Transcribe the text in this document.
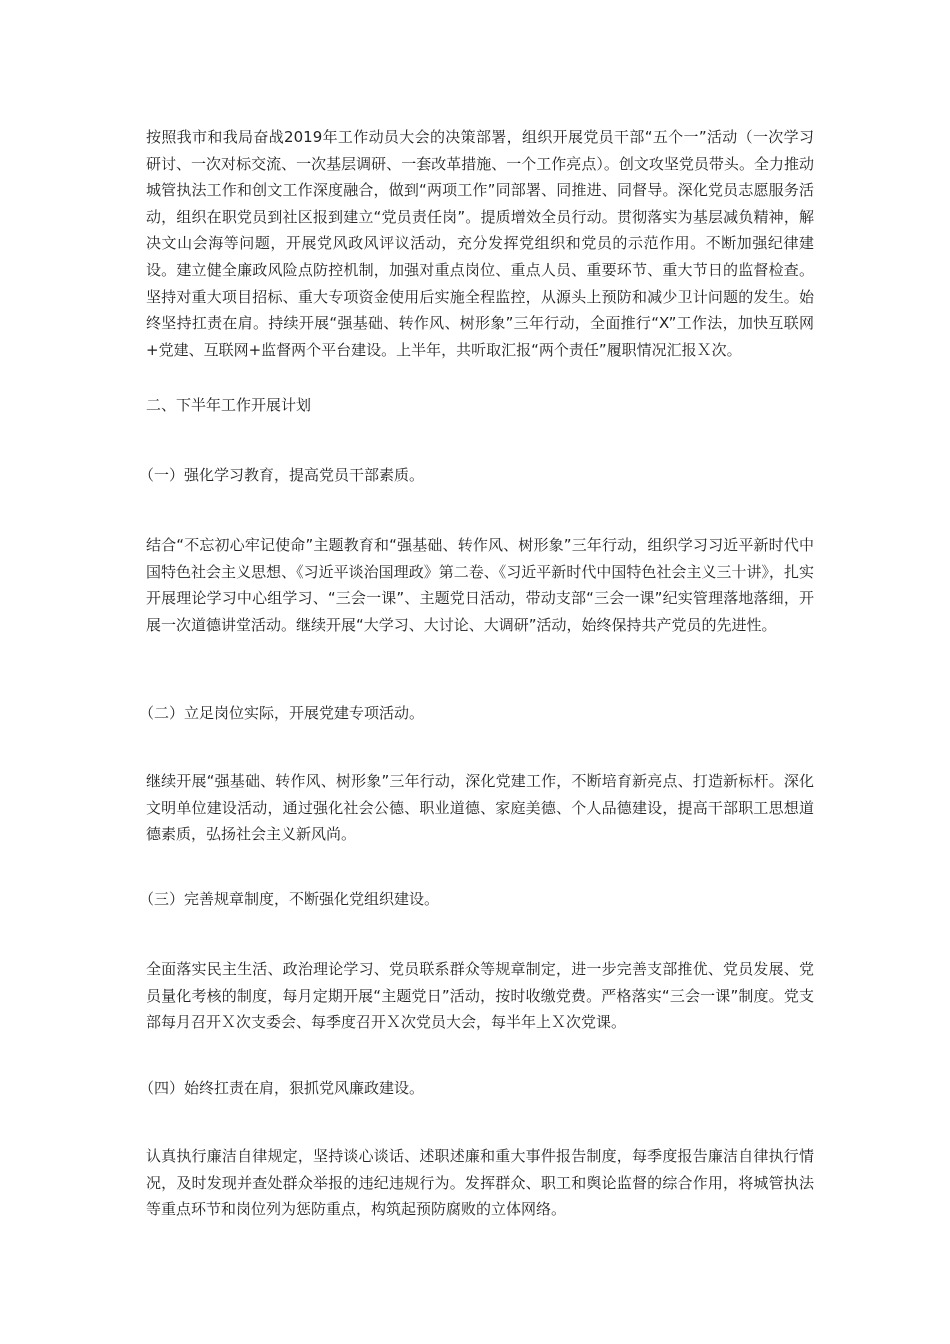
按照我市和我局奋战2019年工作动员大会的决策部署，组织开展党员干部“五个一”活动（一次学习研讨、一次对标交流、一次基层调研、一套改革措施、一个工作亮点）。创文攻坚党员带头。全力推动城管执法工作和创文工作深度融合，做到“两项工作”同部署、同推进、同督导。深化党员志愿服务活动，组织在职党员到社区报到建立“党员责任岗”。提质增效全员行动。贯彻落实为基层减负精神，解决文山会海等问题，开展党风政风评议活动，充分发挥党组织和党员的示范作用。不断加强纪律建设。建立健全廉政风险点防控机制，加强对重点岗位、重点人员、重要环节、重大节日的监督检查。坚持对重大项目招标、重大专项资金使用后实施全程监控，从源头上预防和减少卫计问题的发生。始终坚持扛责在肩。持续开展“强基础、转作风、树形象”三年行动，全面推行“X”工作法，加快互联网+党建、互联网+监督两个平台建设。上半年，共听取汇报“两个责任”履职情况汇报Ｘ次。

二、下半年工作开展计划

（一）强化学习教育，提高党员干部素质。

结合“不忘初心牢记使命”主题教育和“强基础、转作风、树形象”三年行动，组织学习习近平新时代中国特色社会主义思想、《习近平谈治国理政》第二卷、《习近平新时代中国特色社会主义三十讲》，扎实开展理论学习中心组学习、“三会一课”、主题党日活动，带动支部“三会一课”纪实管理落地落细，开展一次道德讲堂活动。继续开展“大学习、大讨论、大调研”活动，始终保持共产党员的先进性。

（二）立足岗位实际，开展党建专项活动。

继续开展“强基础、转作风、树形象”三年行动，深化党建工作，不断培育新亮点、打造新标杆。深化文明单位建设活动，通过强化社会公德、职业道德、家庭美德、个人品德建设，提高干部职工思想道德素质，弘扬社会主义新风尚。

（三）完善规章制度，不断强化党组织建设。

全面落实民主生活、政治理论学习、党员联系群众等规章制定，进一步完善支部推优、党员发展、党员量化考核的制度，每月定期开展“主题党日”活动，按时收缴党费。严格落实“三会一课”制度。党支部每月召开Ｘ次支委会、每季度召开Ｘ次党员大会，每半年上Ｘ次党课。

（四）始终扛责在肩，狠抓党风廉政建设。

认真执行廉洁自律规定，坚持谈心谈话、述职述廉和重大事件报告制度，每季度报告廉洁自律执行情况，及时发现并查处群众举报的违纪违规行为。发挥群众、职工和舆论监督的综合作用，将城管执法等重点环节和岗位列为惩防重点，构筑起预防腐败的立体网络。
